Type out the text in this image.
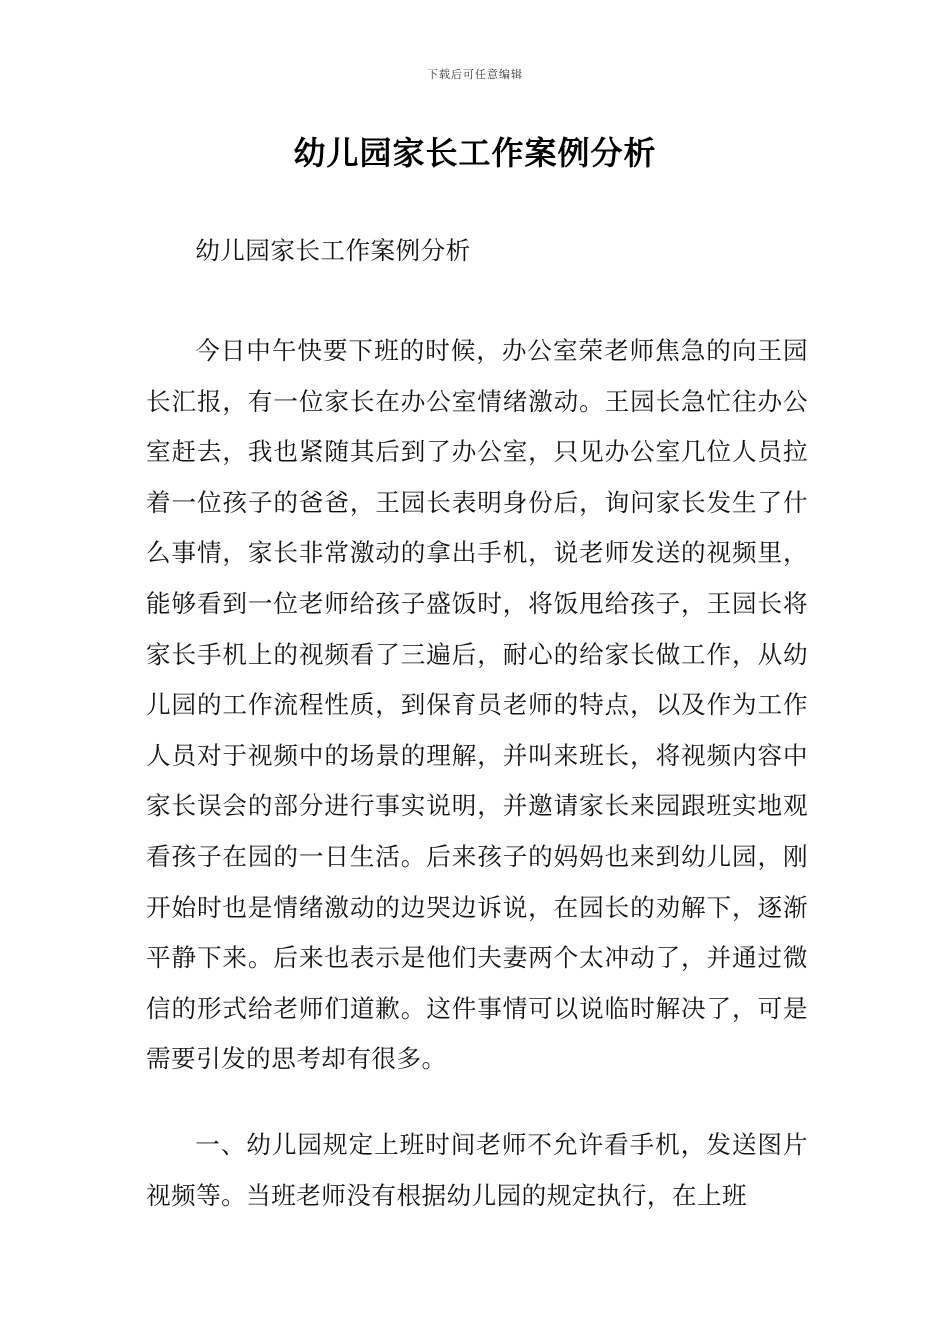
下载后可任意编辑
幼儿园家长工作案例分析

幼儿园家长工作案例分析

今日中午快要下班的时候，办公室荣老师焦急的向王园长汇报，有一位家长在办公室情绪激动。王园长急忙往办公室赶去，我也紧随其后到了办公室，只见办公室几位人员拉着一位孩子的爸爸，王园长表明身份后，询问家长发生了什么事情，家长非常激动的拿出手机，说老师发送的视频里，能够看到一位老师给孩子盛饭时，将饭甩给孩子，王园长将家长手机上的视频看了三遍后，耐心的给家长做工作，从幼儿园的工作流程性质，到保育员老师的特点，以及作为工作人员对于视频中的场景的理解，并叫来班长，将视频内容中家长误会的部分进行事实说明，并邀请家长来园跟班实地观看孩子在园的一日生活。后来孩子的妈妈也来到幼儿园，刚开始时也是情绪激动的边哭边诉说，在园长的劝解下，逐渐平静下来。后来也表示是他们夫妻两个太冲动了，并通过微信的形式给老师们道歉。这件事情可以说临时解决了，可是需要引发的思考却有很多。

一、幼儿园规定上班时间老师不允许看手机，发送图片视频等。当班老师没有根据幼儿园的规定执行，在上班
